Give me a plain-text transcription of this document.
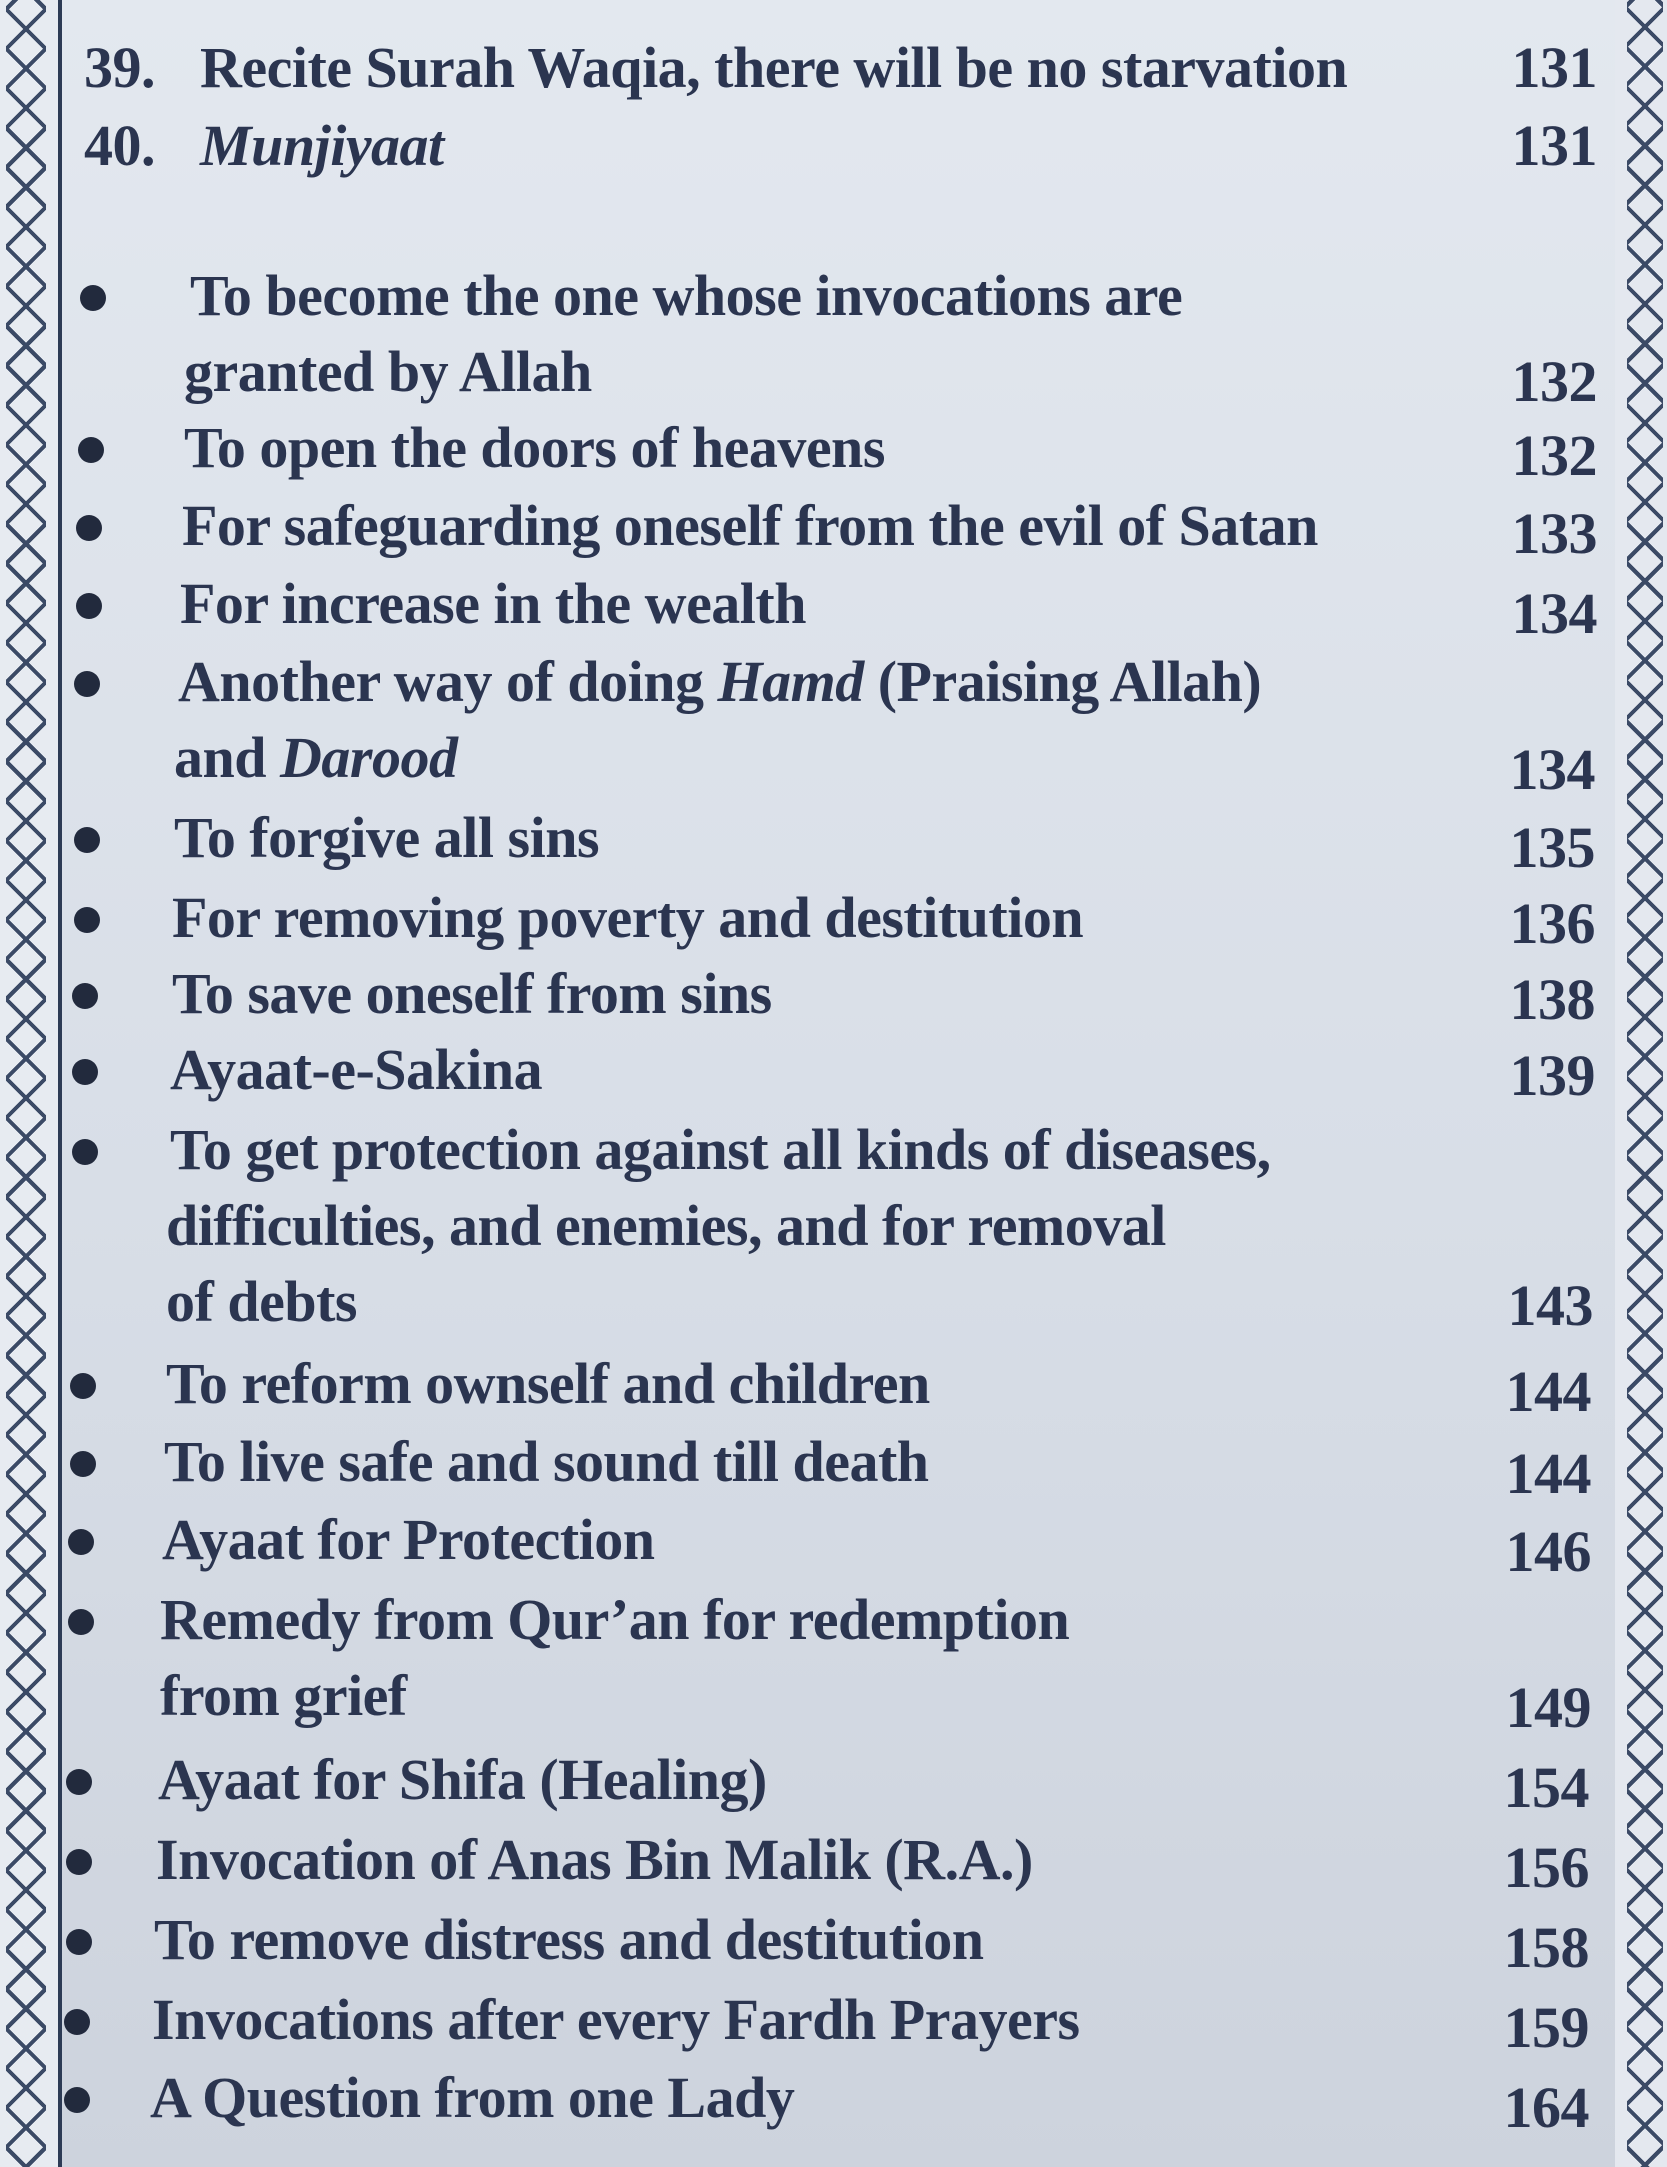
39. Recite Surah Waqia, there will be no starvation	131
40. Munjiyaat	131
To become the one whose invocations are
granted by Allah	132
To open the doors of heavens	132
For safeguarding oneself from the evil of Satan	133
For increase in the wealth	134
Another way of doing Hamd (Praising Allah)
and Darood	134
To forgive all sins	135
For removing poverty and destitution	136
To save oneself from sins	138
Ayaat-e-Sakina	139
To get protection against all kinds of diseases,
difficulties, and enemies, and for removal
of debts	143
To reform ownself and children	144
To live safe and sound till death	144
Ayaat for Protection	146
Remedy from Qur’an for redemption
from grief	149
Ayaat for Shifa (Healing)	154
Invocation of Anas Bin Malik (R.A.)	156
To remove distress and destitution	158
Invocations after every Fardh Prayers	159
A Question from one Lady	164
